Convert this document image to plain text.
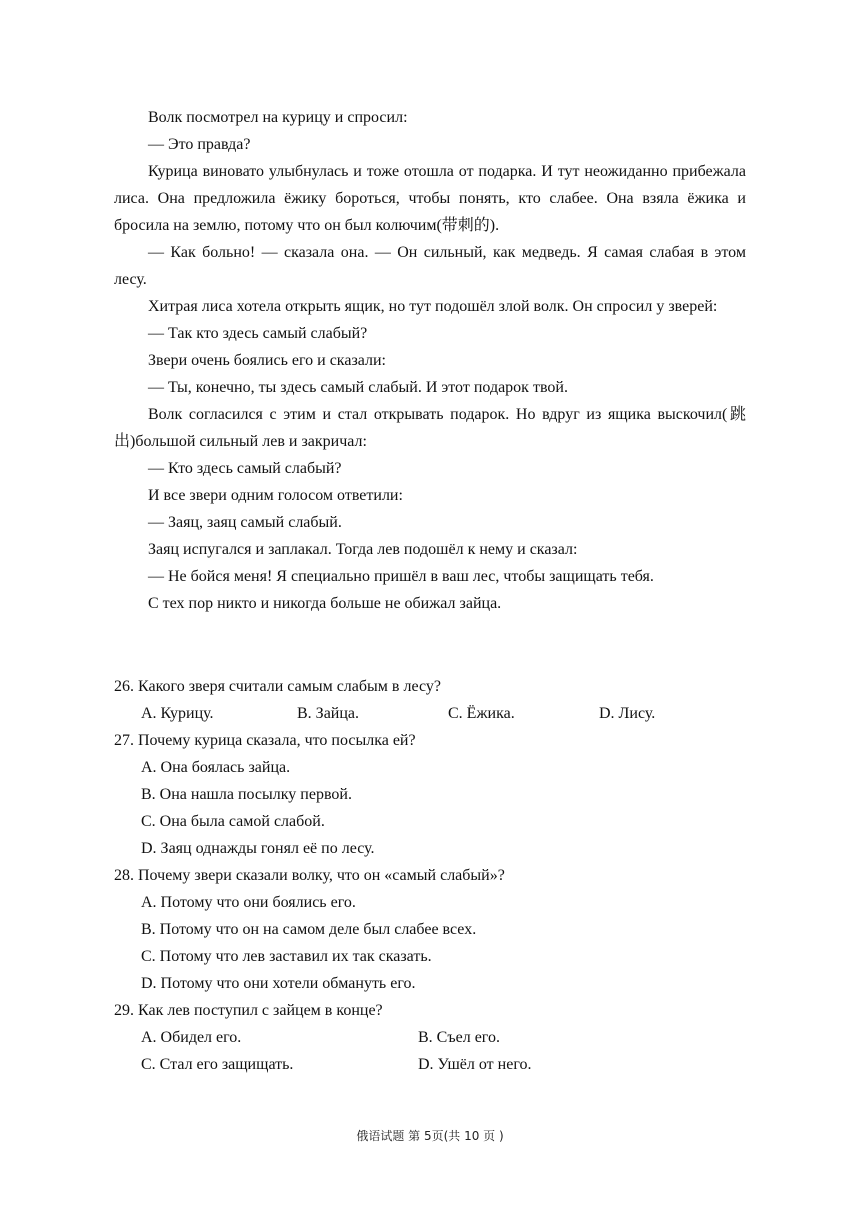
Волк посмотрел на курицу и спросил:

— Это правда?

Курица виновато улыбнулась и тоже отошла от подарка. И тут неожиданно прибежала лиса. Она предложила ёжику бороться, чтобы понять, кто слабее. Она взяла ёжика и бросила на землю, потому что он был колючим(带刺的).

— Как больно! — сказала она. — Он сильный, как медведь. Я самая слабая в этом лесу.

Хитрая лиса хотела открыть ящик, но тут подошёл злой волк. Он спросил у зверей:

— Так кто здесь самый слабый?

Звери очень боялись его и сказали:

— Ты, конечно, ты здесь самый слабый. И этот подарок твой.

Волк согласился с этим и стал открывать подарок. Но вдруг из ящика выскочил(跳出)большой сильный лев и закричал:

— Кто здесь самый слабый?

И все звери одним голосом ответили:

— Заяц, заяц самый слабый.

Заяц испугался и заплакал. Тогда лев подошёл к нему и сказал:

— Не бойся меня! Я специально пришёл в ваш лес, чтобы защищать тебя.

С тех пор никто и никогда больше не обижал зайца.

26. Какого зверя считали самым слабым в лесу?

A. Курицу.	B. Зайца.	C. Ёжика.	D. Лису.

27. Почему курица сказала, что посылка ей?

A. Она боялась зайца.

B. Она нашла посылку первой.

C. Она была самой слабой.

D. Заяц однажды гонял её по лесу.

28. Почему звери сказали волку, что он «самый слабый»?

A. Потому что они боялись его.

B. Потому что он на самом деле был слабее всех.

C. Потому что лев заставил их так сказать.

D. Потому что они хотели обмануть его.

29. Как лев поступил с зайцем в конце?

A. Обидел его.	B. Съел его.
C. Стал его защищать.	D. Ушёл от него.
俄语试题 第 5页(共 10 页 )
